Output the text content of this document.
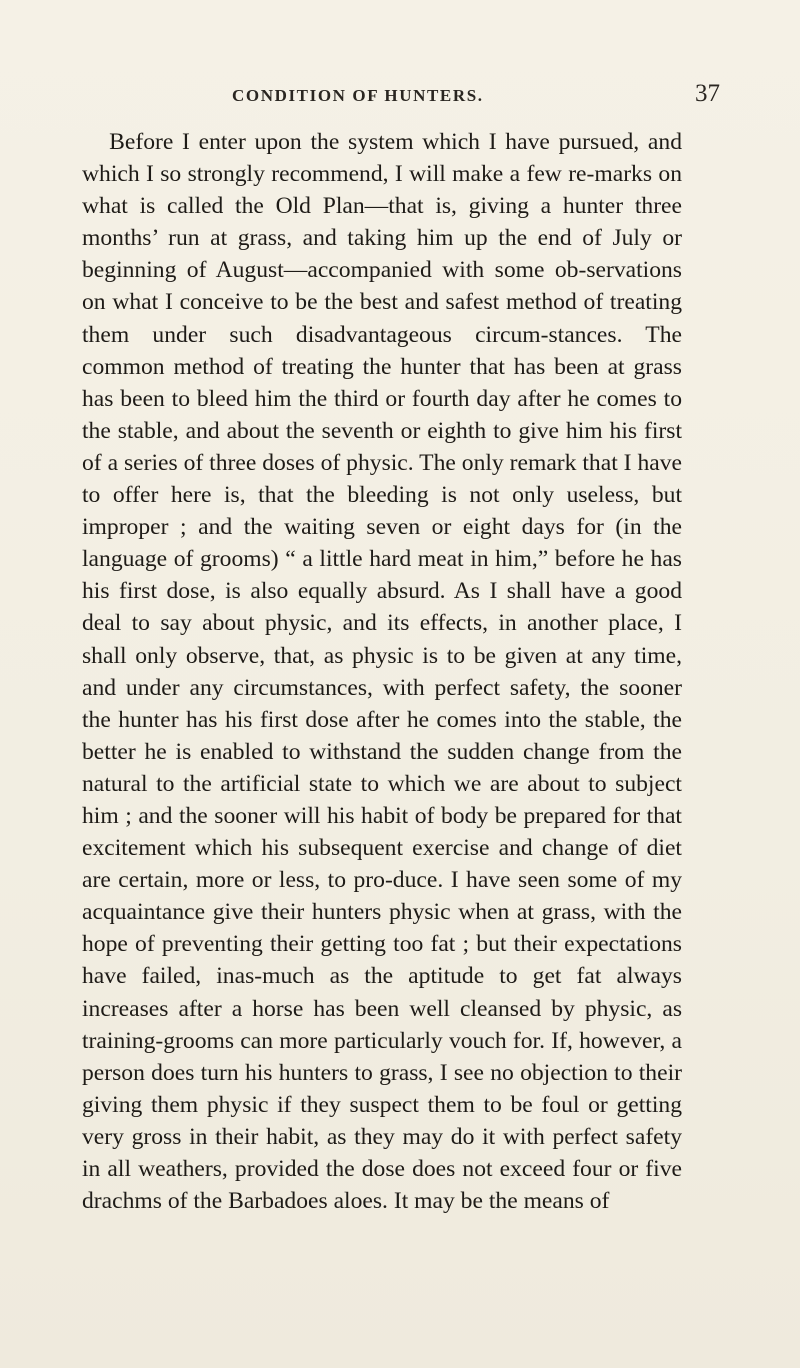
CONDITION OF HUNTERS.	37

Before I enter upon the system which I have pursued, and which I so strongly recommend, I will make a few re-marks on what is called the Old Plan—that is, giving a hunter three months’ run at grass, and taking him up the end of July or beginning of August—accompanied with some ob-servations on what I conceive to be the best and safest method of treating them under such disadvantageous circum-stances. The common method of treating the hunter that has been at grass has been to bleed him the third or fourth day after he comes to the stable, and about the seventh or eighth to give him his first of a series of three doses of physic. The only remark that I have to offer here is, that the bleeding is not only useless, but improper ; and the waiting seven or eight days for (in the language of grooms) “ a little hard meat in him,” before he has his first dose, is also equally absurd. As I shall have a good deal to say about physic, and its effects, in another place, I shall only observe, that, as physic is to be given at any time, and under any circumstances, with perfect safety, the sooner the hunter has his first dose after he comes into the stable, the better he is enabled to withstand the sudden change from the natural to the artificial state to which we are about to subject him ; and the sooner will his habit of body be prepared for that excitement which his subsequent exercise and change of diet are certain, more or less, to pro-duce. I have seen some of my acquaintance give their hunters physic when at grass, with the hope of preventing their getting too fat ; but their expectations have failed, inas-much as the aptitude to get fat always increases after a horse has been well cleansed by physic, as training-grooms can more particularly vouch for. If, however, a person does turn his hunters to grass, I see no objection to their giving them physic if they suspect them to be foul or getting very gross in their habit, as they may do it with perfect safety in all weathers, provided the dose does not exceed four or five drachms of the Barbadoes aloes. It may be the means of
